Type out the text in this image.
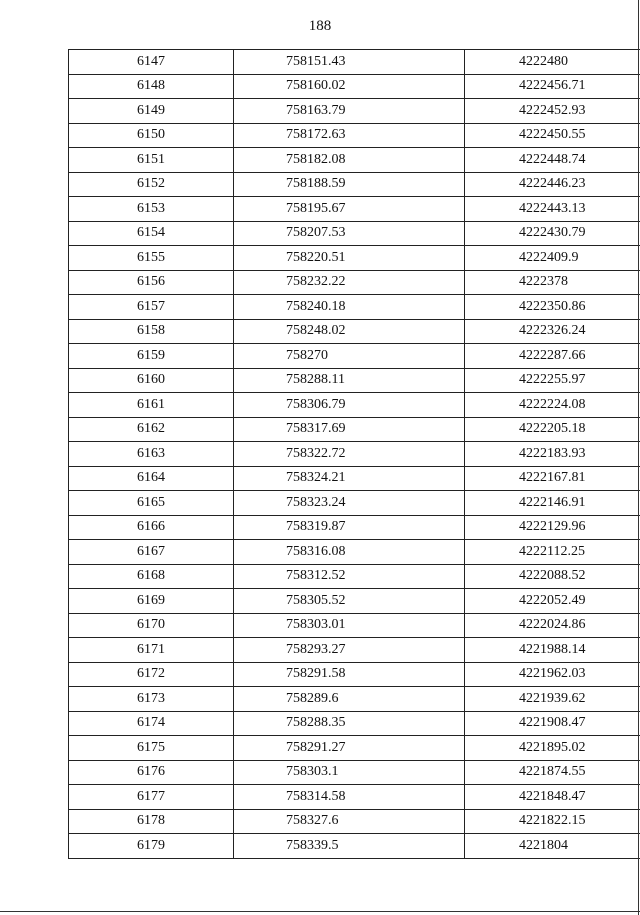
188
6147	758151.43	4222480
6148	758160.02	4222456.71
6149	758163.79	4222452.93
6150	758172.63	4222450.55
6151	758182.08	4222448.74
6152	758188.59	4222446.23
6153	758195.67	4222443.13
6154	758207.53	4222430.79
6155	758220.51	4222409.9
6156	758232.22	4222378
6157	758240.18	4222350.86
6158	758248.02	4222326.24
6159	758270	4222287.66
6160	758288.11	4222255.97
6161	758306.79	4222224.08
6162	758317.69	4222205.18
6163	758322.72	4222183.93
6164	758324.21	4222167.81
6165	758323.24	4222146.91
6166	758319.87	4222129.96
6167	758316.08	4222112.25
6168	758312.52	4222088.52
6169	758305.52	4222052.49
6170	758303.01	4222024.86
6171	758293.27	4221988.14
6172	758291.58	4221962.03
6173	758289.6	4221939.62
6174	758288.35	4221908.47
6175	758291.27	4221895.02
6176	758303.1	4221874.55
6177	758314.58	4221848.47
6178	758327.6	4221822.15
6179	758339.5	4221804
